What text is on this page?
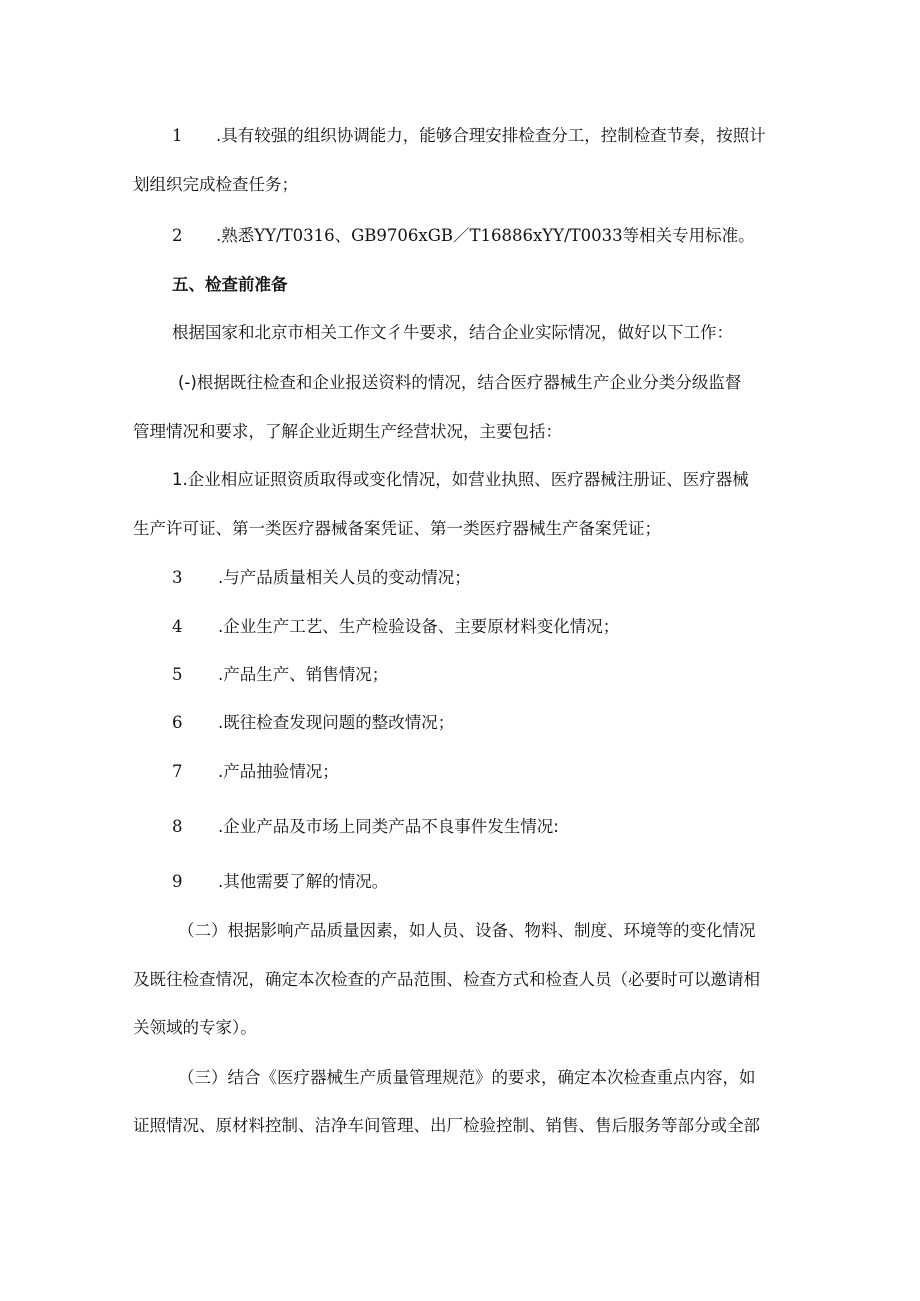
1 .具有较强的组织协调能力，能够合理安排检查分工，控制检查节奏，按照计
划组织完成检查任务；
2 .熟悉YY/T0316、GB9706xGB／T16886xYY/T0033等相关专用标准。
五、检查前准备
根据国家和北京市相关工作文彳牛要求，结合企业实际情况，做好以下工作：
(-)根据既往检查和企业报送资料的情况，结合医疗器械生产企业分类分级监督
管理情况和要求，了解企业近期生产经营状况，主要包括：
1.企业相应证照资质取得或变化情况，如营业执照、医疗器械注册证、医疗器械
生产许可证、第一类医疗器械备案凭证、第一类医疗器械生产备案凭证；
3 .与产品质量相关人员的变动情况；
4 .企业生产工艺、生产检验设备、主要原材料变化情况；
5 .产品生产、销售情况；
6 .既往检查发现问题的整改情况；
7 .产品抽验情况；
8 .企业产品及市场上同类产品不良事件发生情况:
9 .其他需要了解的情况。
（二）根据影响产品质量因素，如人员、设备、物料、制度、环境等的变化情况
及既往检查情况，确定本次检查的产品范围、检查方式和检查人员（必要时可以邀请相
关领域的专家）。
（三）结合《医疗器械生产质量管理规范》的要求，确定本次检查重点内容，如
证照情况、原材料控制、洁净车间管理、出厂检验控制、销售、售后服务等部分或全部
